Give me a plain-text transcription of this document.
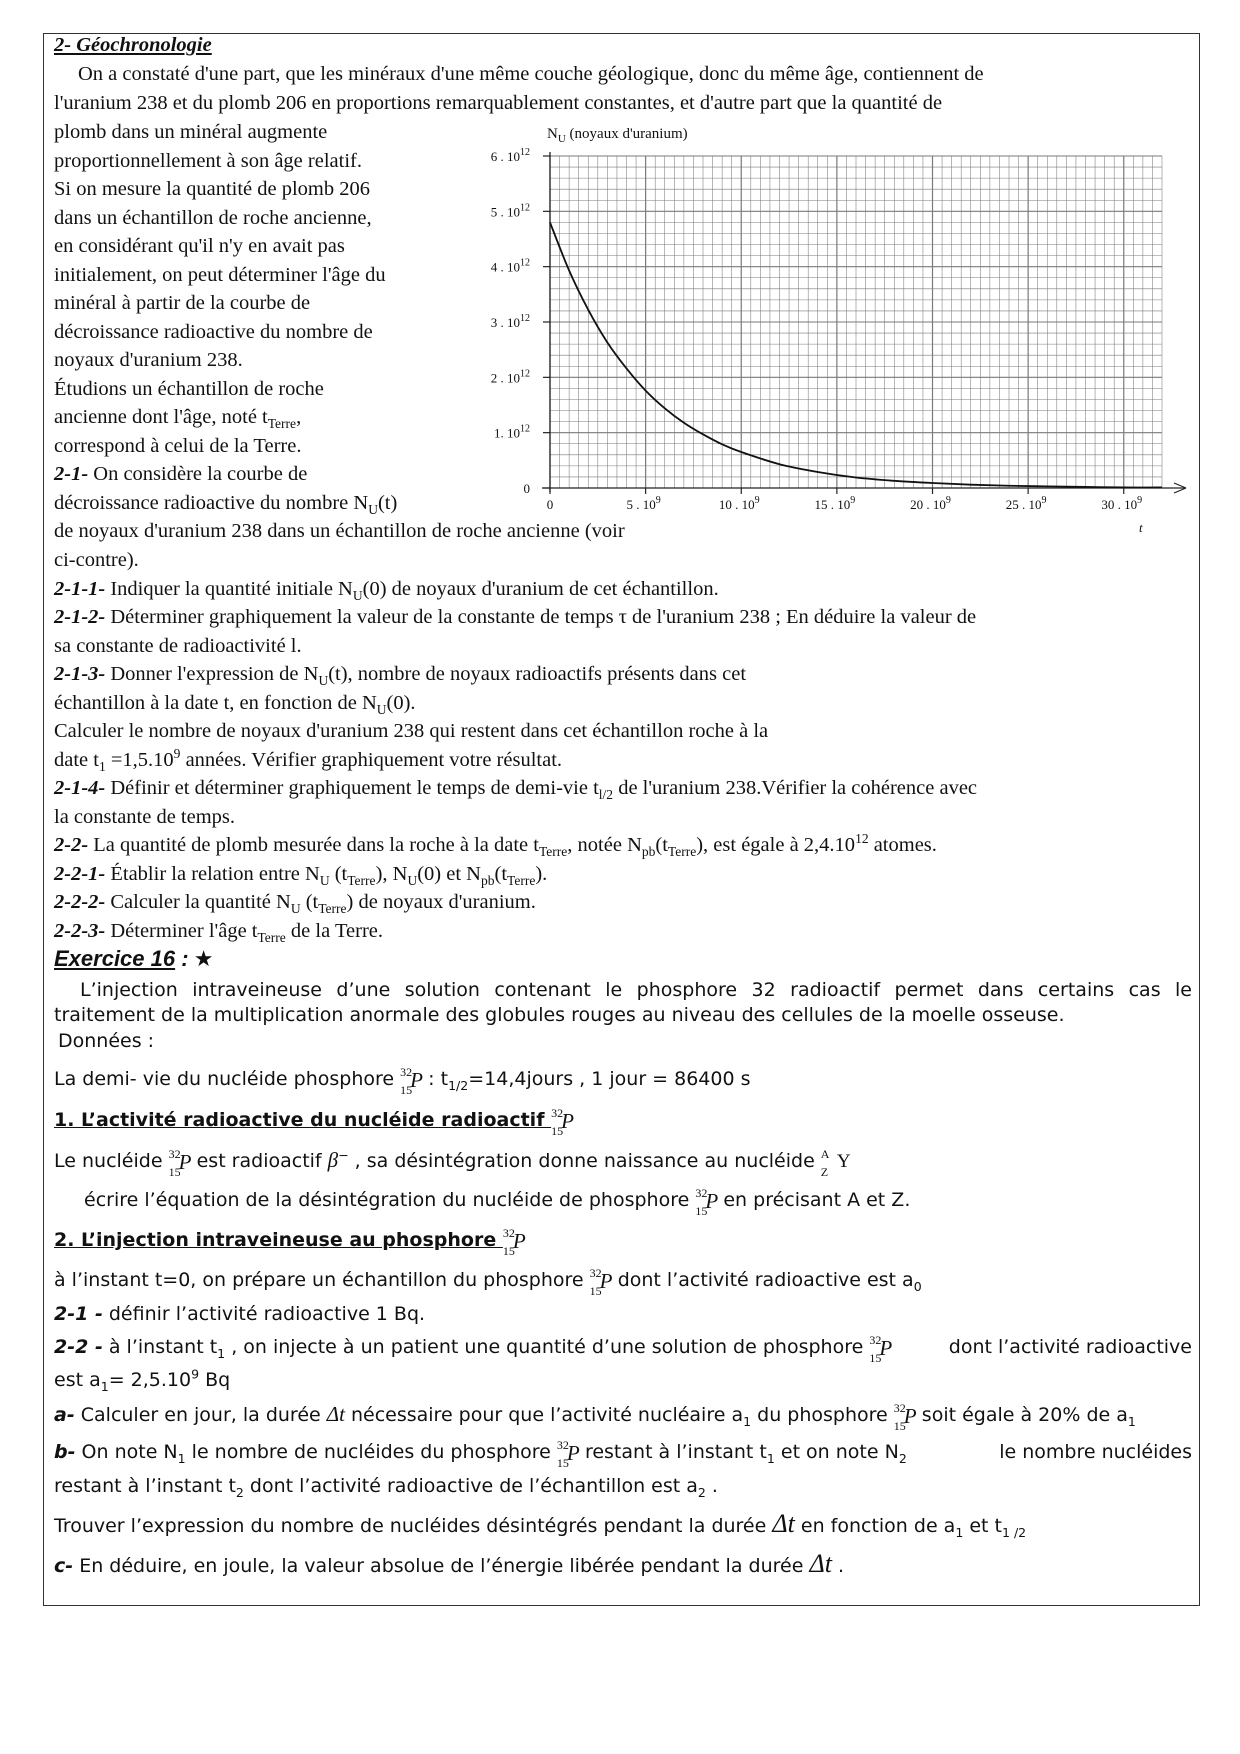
2- Géochronologie
On a constaté d'une part, que les minéraux d'une même couche géologique, donc du même âge, contiennent de
l'uranium 238 et du plomb 206 en proportions remarquablement constantes, et d'autre part que la quantité de
plomb dans un minéral augmente
proportionnellement à son âge relatif.
Si on mesure la quantité de plomb 206
dans un échantillon de roche ancienne,
en considérant qu'il n'y en avait pas
initialement, on peut déterminer l'âge du
minéral à partir de la courbe de
décroissance radioactive du nombre de
noyaux d'uranium 238.
Étudions un échantillon de roche
ancienne dont l'âge, noté $t_{Terre}$,
correspond à celui de la Terre.
2-1- On considère la courbe de
décroissance radioactive du nombre $N_U(t)$
de noyaux d'uranium 238 dans un échantillon de roche ancienne (voir
ci-contre).
$N_U$ (noyaux d'uranium)
0
1. $10^{12}$
2 . $10^{12}$
3 . $10^{12}$
4 . $10^{12}$
5 . $10^{12}$
6 . $10^{12}$
0	5 . $10^9$	10 . $10^9$	15 . $10^9$	20 . $10^9$	25 . $10^9$	30 . $10^9$
t
2-1-1- Indiquer la quantité initiale $N_U(0)$ de noyaux d'uranium de cet échantillon.
2-1-2- Déterminer graphiquement la valeur de la constante de temps τ de l'uranium 238 ; En déduire la valeur de
sa constante de radioactivité l.
2-1-3- Donner l'expression de $N_U(t)$, nombre de noyaux radioactifs présents dans cet
échantillon à la date t, en fonction de $N_U(0)$.
Calculer le nombre de noyaux d'uranium 238 qui restent dans cet échantillon roche à la
date $t_1 =1,5.10^9$ années. Vérifier graphiquement votre résultat.
2-1-4- Définir et déterminer graphiquement le temps de demi-vie $t_{l/2}$ de l'uranium 238.Vérifier la cohérence avec
la constante de temps.
2-2- La quantité de plomb mesurée dans la roche à la date $t_{Terre}$, notée $N_{pb}(t_{Terre})$, est égale à 2,4.10$^{12}$ atomes.
2-2-1- Établir la relation entre $N_U$ $(t_{Terre})$, $N_U(0)$ et $N_{pb}(t_{Terre})$.
2-2-2- Calculer la quantité $N_U$ $(t_{Terre})$ de noyaux d'uranium.
2-2-3- Déterminer l'âge $t_{Terre}$ de la Terre.
Exercice 16 : ★
L’injection intraveineuse d’une solution contenant le phosphore 32 radioactif permet dans certains cas le
traitement de la multiplication anormale des globules rouges au niveau des cellules de la moelle osseuse.
Données :
La demi- vie du nucléide phosphore 32
15
P : $t_{1/2}=14,4jours$ , 1 jour = 86400 s
1. L’activité radioactive du nucléide radioactif 32
15
P
Le nucléide 32
15
P est radioactif β− , sa désintégration donne naissance au nucléide A
Z Y
écrire l’équation de la désintégration du nucléide de phosphore 32
15
P en précisant A et Z.
2. L’injection intraveineuse au phosphore 32
15
P
à l’instant t=0, on prépare un échantillon du phosphore 32
15
P dont l’activité radioactive est $a_0$
2-1 - définir l’activité radioactive 1 Bq.
2-2 - à l’instant $t_1$ , on injecte à un patient une quantité d’une solution de phosphore 32
15
P	dont l’activité radioactive
est $a_1= 2,5.10^9$ Bq
a- Calculer en jour, la durée Δt nécessaire pour que l’activité nucléaire $a_1$ du phosphore 32
15
P soit égale à 20% de $a_1$
b- On note $N_1$ le nombre de nucléides du phosphore 32
15
P restant à l’instant $t_1$ et on note $N_2$	le nombre nucléides
restant à l’instant $t_2$ dont l’activité radioactive de l’échantillon est $a_2$ .
Trouver l’expression du nombre de nucléides désintégrés pendant la durée Δt en fonction de $a_1$ et $t_{1 /2}$
c- En déduire, en joule, la valeur absolue de l’énergie libérée pendant la durée Δt .
